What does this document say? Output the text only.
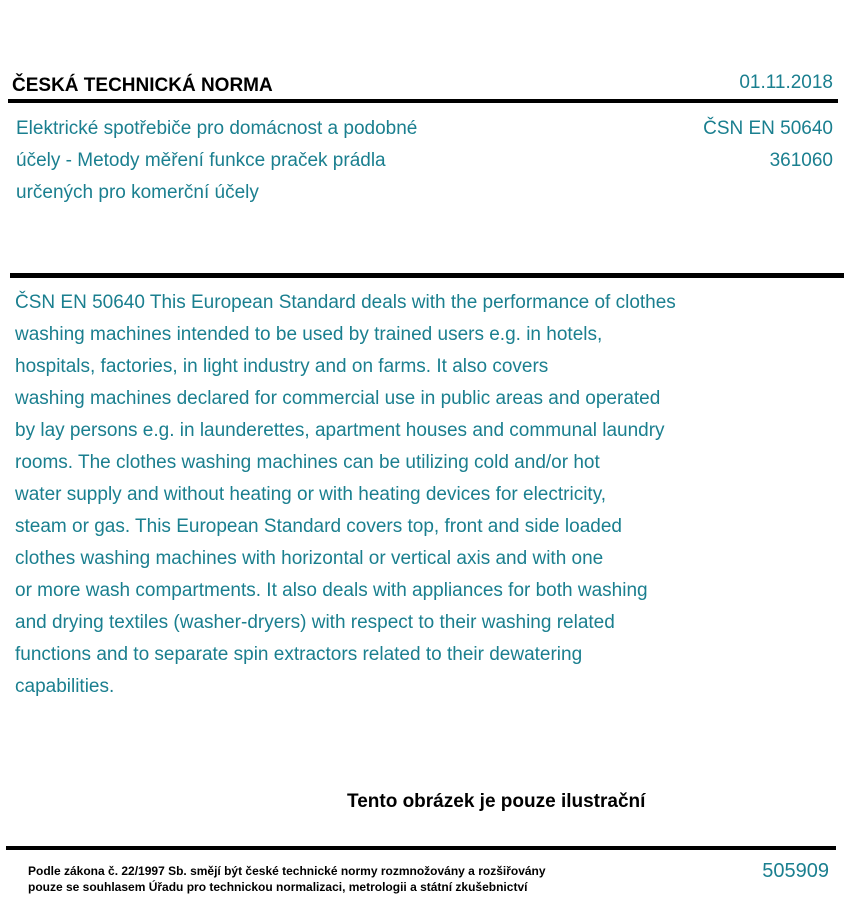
ČESKÁ TECHNICKÁ NORMA	01.11.2018
Elektrické spotřebiče pro domácnost a podobné
účely - Metody měření funkce praček prádla
určených pro komerční účely
ČSN EN 50640
361060
ČSN EN 50640 This European Standard deals with the performance of clothes
washing machines intended to be used by trained users e.g. in hotels,
hospitals, factories, in light industry and on farms. It also covers
washing machines declared for commercial use in public areas and operated
by lay persons e.g. in launderettes, apartment houses and communal laundry
rooms. The clothes washing machines can be utilizing cold and/or hot
water supply and without heating or with heating devices for electricity,
steam or gas. This European Standard covers top, front and side loaded
clothes washing machines with horizontal or vertical axis and with one
or more wash compartments. It also deals with appliances for both washing
and drying textiles (washer-dryers) with respect to their washing related
functions and to separate spin extractors related to their dewatering
capabilities.
Tento obrázek je pouze ilustrační
Podle zákona č. 22/1997 Sb. smějí být české technické normy rozmnožovány a rozšiřovány
pouze se souhlasem Úřadu pro technickou normalizaci, metrologii a státní zkušebnictví
505909
